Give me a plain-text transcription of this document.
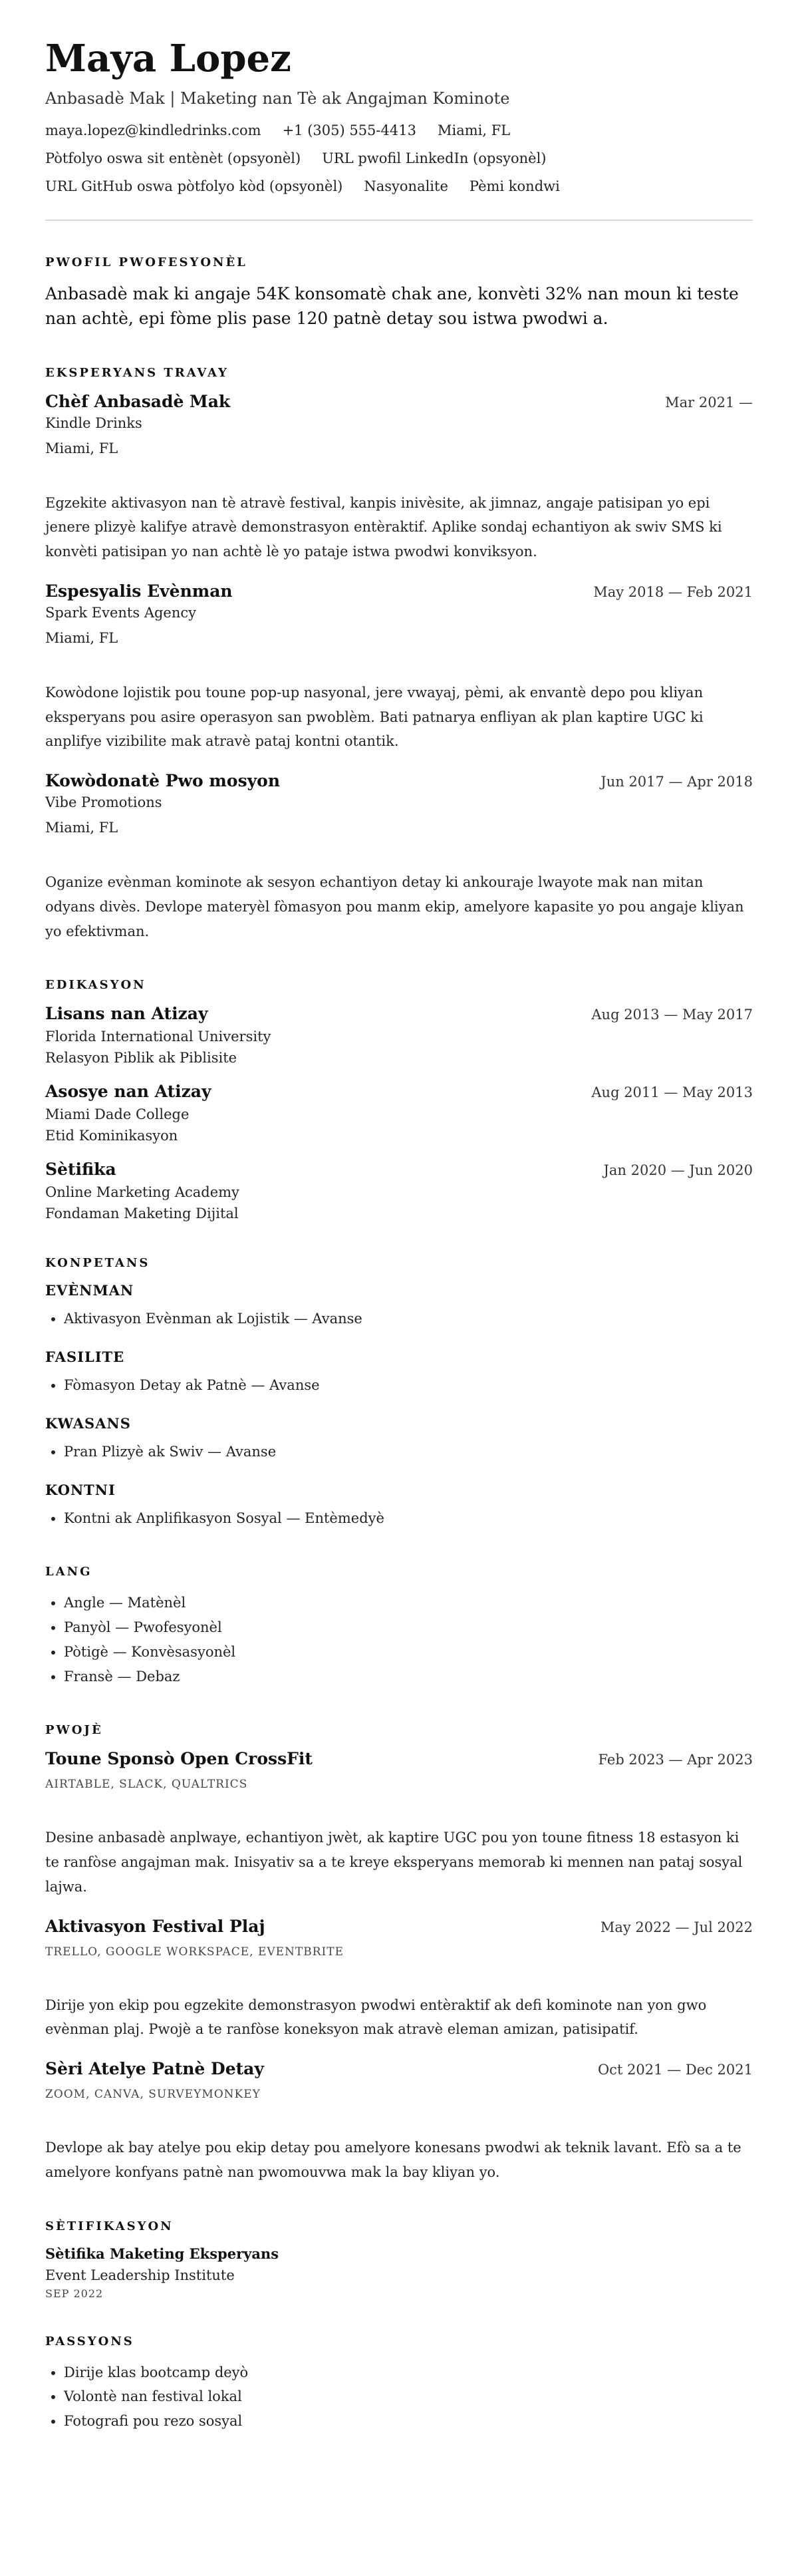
Maya Lopez
Anbasadè Mak | Maketing nan Tè ak Angajman Kominote
maya.lopez@kindledrinks.com +1 (305) 555-4413 Miami, FL
Pòtfolyo oswa sit entènèt (opsyonèl) URL pwofil LinkedIn (opsyonèl)
URL GitHub oswa pòtfolyo kòd (opsyonèl) Nasyonalite Pèmi kondwi
PWOFIL PWOFESYONÈL
Anbasadè mak ki angaje 54K konsomatè chak ane, konvèti 32% nan moun ki teste nan achtè, epi fòme plis pase 120 patnè detay sou istwa pwodwi a.
EKSPERYANS TRAVAY
Chèf Anbasadè Mak	Mar 2021 —
Kindle Drinks
Miami, FL
Egzekite aktivasyon nan tè atravè festival, kanpis inivèsite, ak jimnaz, angaje patisipan yo epi jenere plizyè kalifye atravè demonstrasyon entèraktif. Aplike sondaj echantiyon ak swiv SMS ki konvèti patisipan yo nan achtè lè yo pataje istwa pwodwi konviksyon.
Espesyalis Evènman	May 2018 — Feb 2021
Spark Events Agency
Miami, FL
Kowòdone lojistik pou toune pop-up nasyonal, jere vwayaj, pèmi, ak envantè depo pou kliyan eksperyans pou asire operasyon san pwoblèm. Bati patnarya enfliyan ak plan kaptire UGC ki anplifye vizibilite mak atravè pataj kontni otantik.
Kowòdonatè Pwo mosyon	Jun 2017 — Apr 2018
Vibe Promotions
Miami, FL
Oganize evènman kominote ak sesyon echantiyon detay ki ankouraje lwayote mak nan mitan odyans divès. Devlope materyèl fòmasyon pou manm ekip, amelyore kapasite yo pou angaje kliyan yo efektivman.
EDIKASYON
Lisans nan Atizay	Aug 2013 — May 2017
Florida International University
Relasyon Piblik ak Piblisite
Asosye nan Atizay	Aug 2011 — May 2013
Miami Dade College
Etid Kominikasyon
Sètifika	Jan 2020 — Jun 2020
Online Marketing Academy
Fondaman Maketing Dijital
KONPETANS
EVÈNMAN
• Aktivasyon Evènman ak Lojistik — Avanse
FASILITE
• Fòmasyon Detay ak Patnè — Avanse
KWASANS
• Pran Plizyè ak Swiv — Avanse
KONTNI
• Kontni ak Anplifikasyon Sosyal — Entèmedyè
LANG
• Angle — Matènèl
• Panyòl — Pwofesyonèl
• Pòtigè — Konvèsasyonèl
• Fransè — Debaz
PWOJÈ
Toune Sponsò Open CrossFit	Feb 2023 — Apr 2023
AIRTABLE, SLACK, QUALTRICS
Desine anbasadè anplwaye, echantiyon jwèt, ak kaptire UGC pou yon toune fitness 18 estasyon ki te ranfòse angajman mak. Inisyativ sa a te kreye eksperyans memorab ki mennen nan pataj sosyal lajwa.
Aktivasyon Festival Plaj	May 2022 — Jul 2022
TRELLO, GOOGLE WORKSPACE, EVENTBRITE
Dirije yon ekip pou egzekite demonstrasyon pwodwi entèraktif ak defi kominote nan yon gwo evènman plaj. Pwojè a te ranfòse koneksyon mak atravè eleman amizan, patisipatif.
Sèri Atelye Patnè Detay	Oct 2021 — Dec 2021
ZOOM, CANVA, SURVEYMONKEY
Devlope ak bay atelye pou ekip detay pou amelyore konesans pwodwi ak teknik lavant. Efò sa a te amelyore konfyans patnè nan pwomouvwa mak la bay kliyan yo.
SÈTIFIKASYON
Sètifika Maketing Eksperyans
Event Leadership Institute
SEP 2022
PASSYONS
• Dirije klas bootcamp deyò
• Volontè nan festival lokal
• Fotografi pou rezo sosyal
